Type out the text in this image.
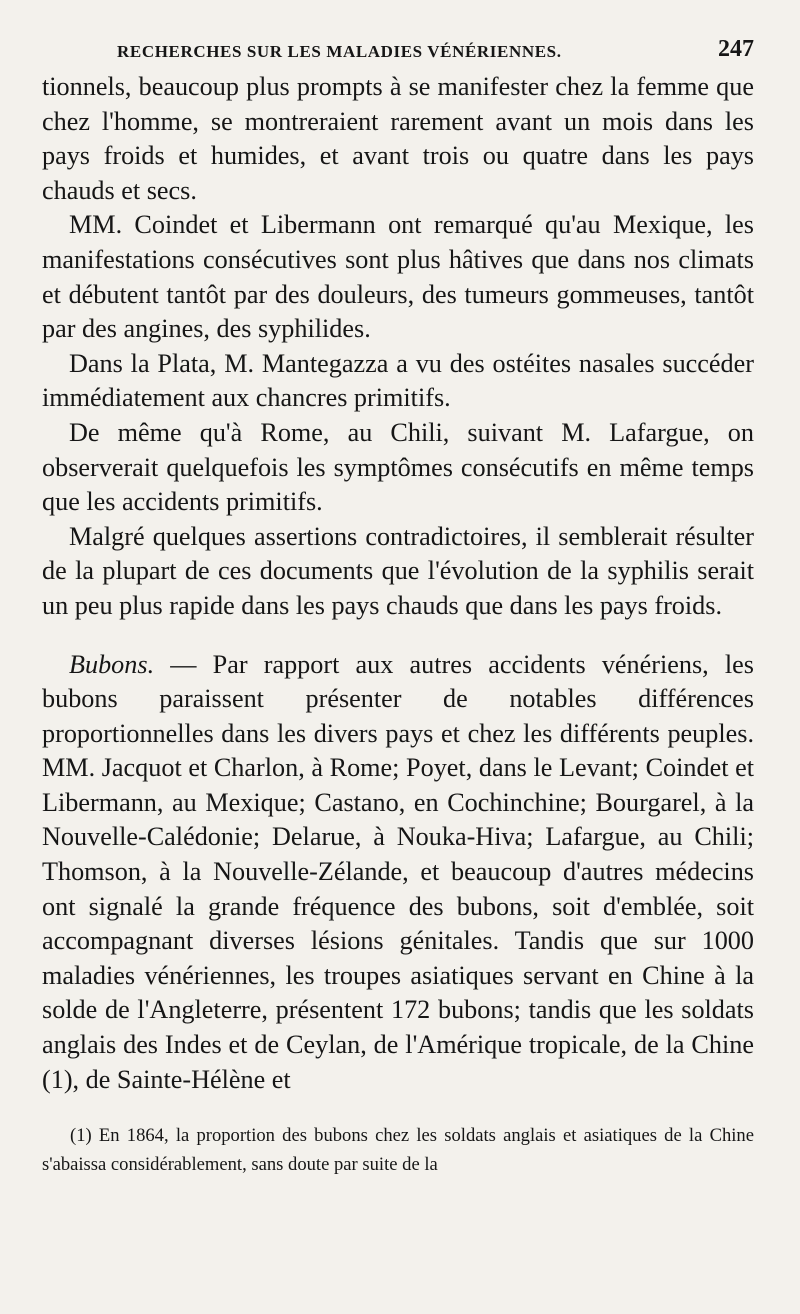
RECHERCHES SUR LES MALADIES VÉNÉRIENNES.	247

tionnels, beaucoup plus prompts à se manifester chez la femme que chez l'homme, se montreraient rarement avant un mois dans les pays froids et humides, et avant trois ou quatre dans les pays chauds et secs.

MM. Coindet et Libermann ont remarqué qu'au Mexique, les manifestations consécutives sont plus hâtives que dans nos climats et débutent tantôt par des douleurs, des tumeurs gommeuses, tantôt par des angines, des syphilides.

Dans la Plata, M. Mantegazza a vu des ostéites nasales succéder immédiatement aux chancres primitifs.

De même qu'à Rome, au Chili, suivant M. Lafargue, on observerait quelquefois les symptômes consécutifs en même temps que les accidents primitifs.

Malgré quelques assertions contradictoires, il semblerait résulter de la plupart de ces documents que l'évolution de la syphilis serait un peu plus rapide dans les pays chauds que dans les pays froids.

Bubons. — Par rapport aux autres accidents vénériens, les bubons paraissent présenter de notables différences proportionnelles dans les divers pays et chez les différents peuples. MM. Jacquot et Charlon, à Rome; Poyet, dans le Levant; Coindet et Libermann, au Mexique; Castano, en Cochinchine; Bourgarel, à la Nouvelle-Calédonie; Delarue, à Nouka-Hiva; Lafargue, au Chili; Thomson, à la Nouvelle-Zélande, et beaucoup d'autres médecins ont signalé la grande fréquence des bubons, soit d'emblée, soit accompagnant diverses lésions génitales. Tandis que sur 1000 maladies vénériennes, les troupes asiatiques servant en Chine à la solde de l'Angleterre, présentent 172 bubons; tandis que les soldats anglais des Indes et de Ceylan, de l'Amérique tropicale, de la Chine (1), de Sainte-Hélène et

(1) En 1864, la proportion des bubons chez les soldats anglais et asiatiques de la Chine s'abaissa considérablement, sans doute par suite de la
